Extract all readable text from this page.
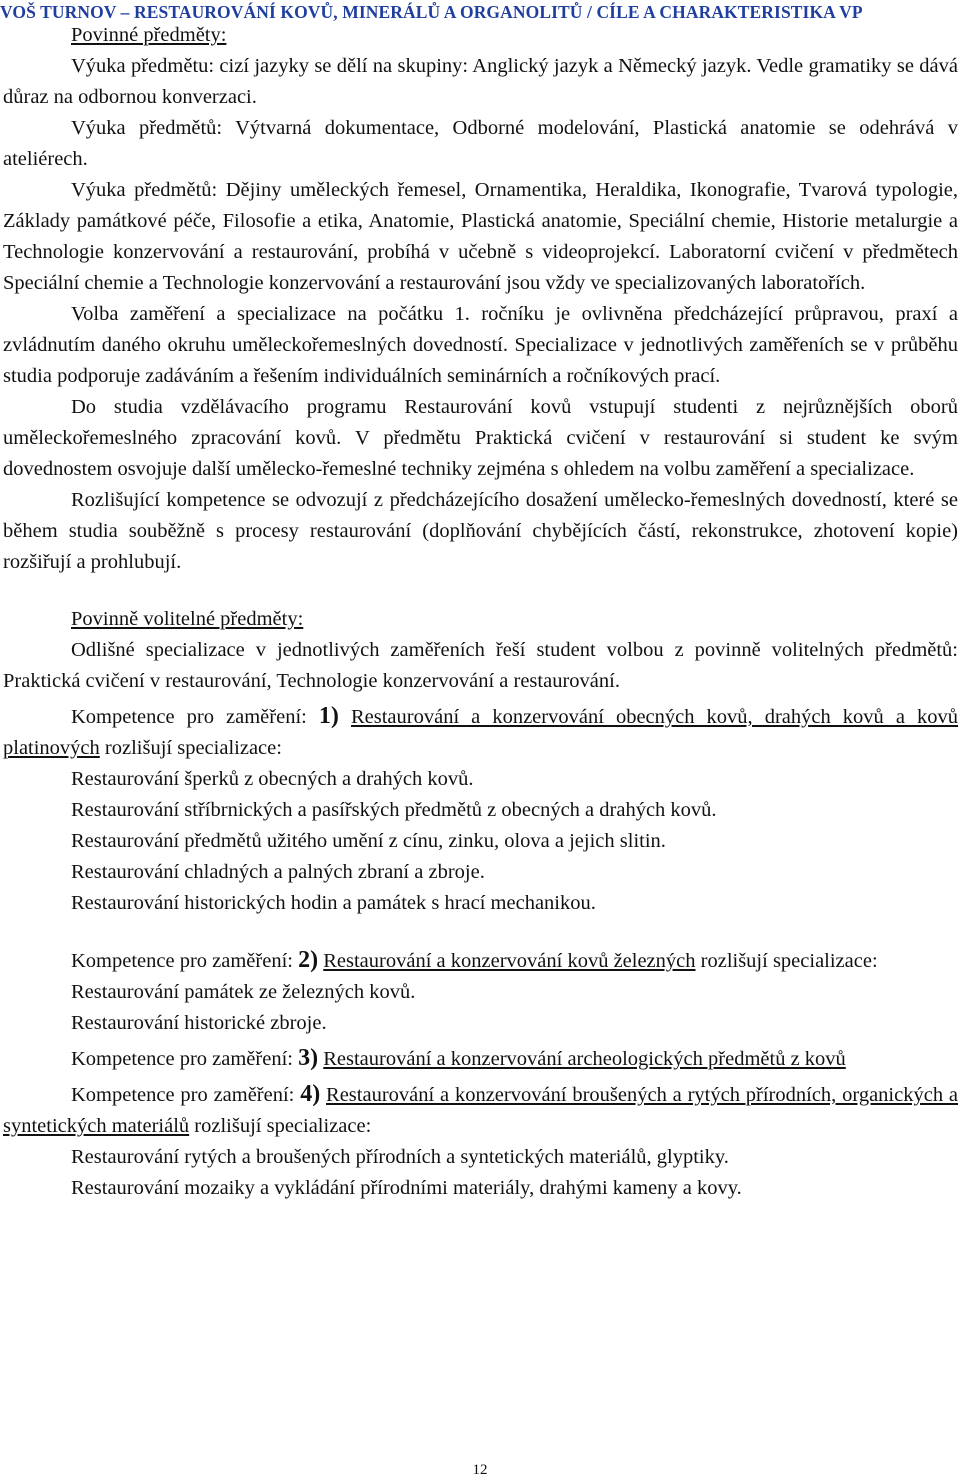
VOŠ TURNOV – RESTAUROVÁNÍ KOVŮ, MINERÁLŮ A ORGANOLITŮ / CÍLE A CHARAKTERISTIKA VP

Povinné předměty:

Výuka předmětu: cizí jazyky se dělí na skupiny: Anglický jazyk a Německý jazyk. Vedle gramatiky se dává důraz na odbornou konverzaci.

Výuka předmětů: Výtvarná dokumentace, Odborné modelování, Plastická anatomie se odehrává v ateliérech.

Výuka předmětů: Dějiny uměleckých řemesel, Ornamentika, Heraldika, Ikonografie, Tvarová typologie, Základy památkové péče, Filosofie a etika, Anatomie, Plastická anatomie, Speciální chemie, Historie metalurgie a Technologie konzervování a restaurování, probíhá v učebně s videoprojekcí. Laboratorní cvičení v předmětech Speciální chemie a Technologie konzervování a restaurování jsou vždy ve specializovaných laboratořích.

Volba zaměření a specializace na počátku 1. ročníku je ovlivněna předcházející průpravou, praxí a zvládnutím daného okruhu uměleckořemeslných dovedností. Specializace v jednotlivých zaměřeních se v průběhu studia podporuje zadáváním a řešením individuálních seminárních a ročníkových prací.

Do studia vzdělávacího programu Restaurování kovů vstupují studenti z nejrůznějších oborů uměleckořemeslného zpracování kovů. V předmětu Praktická cvičení v restaurování si student ke svým dovednostem osvojuje další umělecko-řemeslné techniky zejména s ohledem na volbu zaměření a specializace.

Rozlišující kompetence se odvozují z předcházejícího dosažení umělecko-řemeslných dovedností, které se během studia souběžně s procesy restaurování (doplňování chybějících částí, rekonstrukce, zhotovení kopie) rozšiřují a prohlubují.

Povinně volitelné předměty:

Odlišné specializace v jednotlivých zaměřeních řeší student volbou z povinně volitelných předmětů: Praktická cvičení v restaurování, Technologie konzervování a restaurování.

Kompetence pro zaměření: 1) Restaurování a konzervování obecných kovů, drahých kovů a kovů platinových rozlišují specializace:

Restaurování šperků z obecných a drahých kovů.

Restaurování stříbrnických a pasířských předmětů z obecných a drahých kovů.

Restaurování předmětů užitého umění z cínu, zinku, olova a jejich slitin.

Restaurování chladných a palných zbraní a zbroje.

Restaurování historických hodin a památek s hrací mechanikou.

Kompetence pro zaměření: 2) Restaurování a konzervování kovů železných rozlišují specializace:

Restaurování památek ze železných kovů.

Restaurování historické zbroje.

Kompetence pro zaměření: 3) Restaurování a konzervování archeologických předmětů z kovů

Kompetence pro zaměření: 4) Restaurování a konzervování broušených a rytých přírodních, organických a syntetických materiálů rozlišují specializace:

Restaurování rytých a broušených přírodních a syntetických materiálů, glyptiky.

Restaurování mozaiky a vykládání přírodními materiály, drahými kameny a kovy.

12
